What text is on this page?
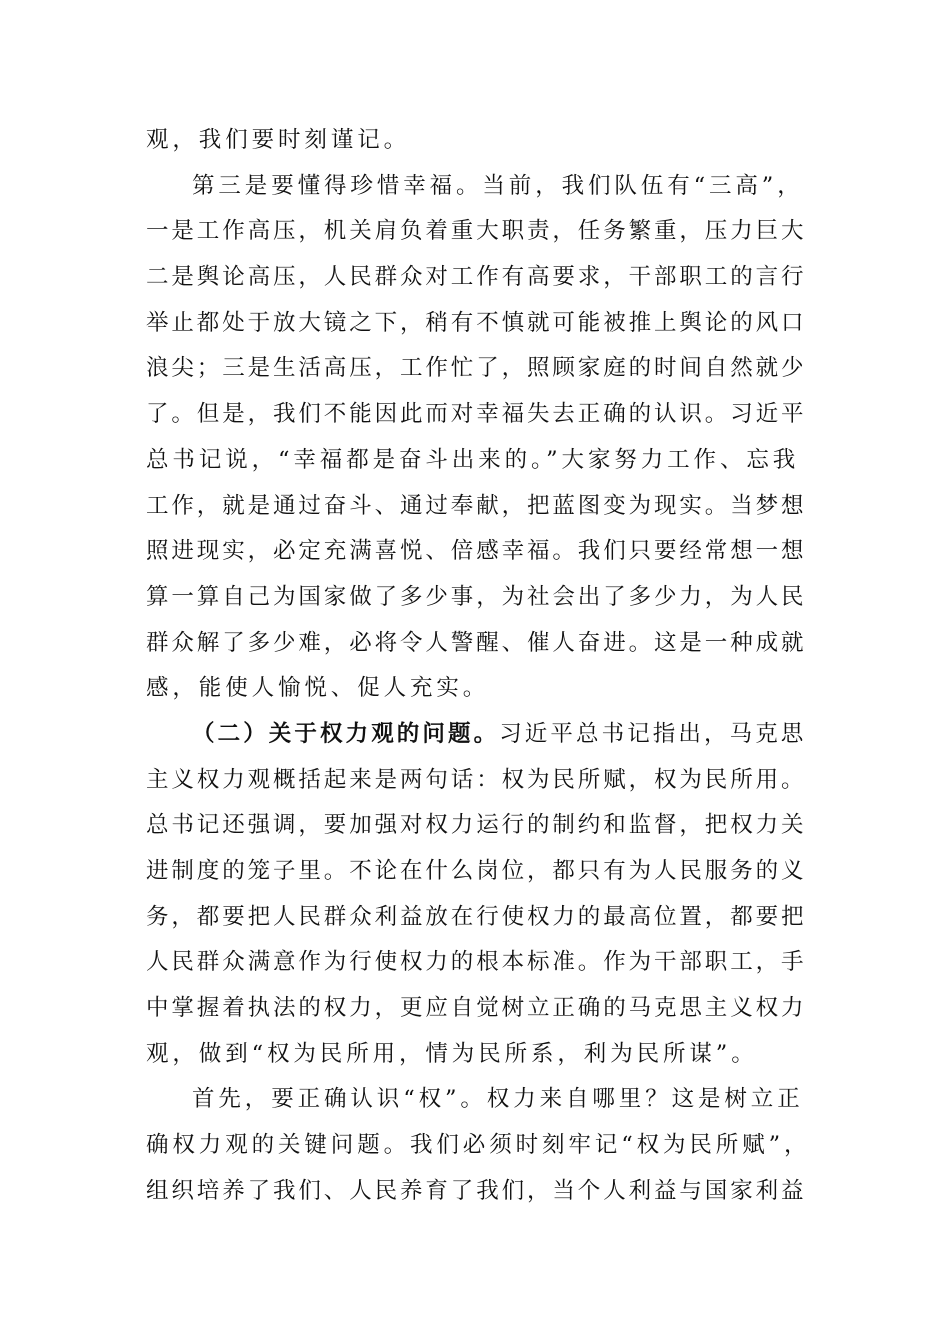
观，我们要时刻谨记。
第三是要懂得珍惜幸福。当前，我们队伍有“三高”，
一是工作高压，机关肩负着重大职责，任务繁重，压力巨大
二是舆论高压，人民群众对工作有高要求，干部职工的言行
举止都处于放大镜之下，稍有不慎就可能被推上舆论的风口
浪尖；三是生活高压，工作忙了，照顾家庭的时间自然就少
了。但是，我们不能因此而对幸福失去正确的认识。习近平
总书记说，“幸福都是奋斗出来的。”大家努力工作、忘我
工作，就是通过奋斗、通过奉献，把蓝图变为现实。当梦想
照进现实，必定充满喜悦、倍感幸福。我们只要经常想一想
算一算自己为国家做了多少事，为社会出了多少力，为人民
群众解了多少难，必将令人警醒、催人奋进。这是一种成就
感，能使人愉悦、促人充实。
（二）关于权力观的问题。习近平总书记指出，马克思
主义权力观概括起来是两句话：权为民所赋，权为民所用。
总书记还强调，要加强对权力运行的制约和监督，把权力关
进制度的笼子里。不论在什么岗位，都只有为人民服务的义
务，都要把人民群众利益放在行使权力的最高位置，都要把
人民群众满意作为行使权力的根本标准。作为干部职工，手
中掌握着执法的权力，更应自觉树立正确的马克思主义权力
观，做到“权为民所用，情为民所系，利为民所谋”。
首先，要正确认识“权”。权力来自哪里？这是树立正
确权力观的关键问题。我们必须时刻牢记“权为民所赋”，
组织培养了我们、人民养育了我们，当个人利益与国家利益
